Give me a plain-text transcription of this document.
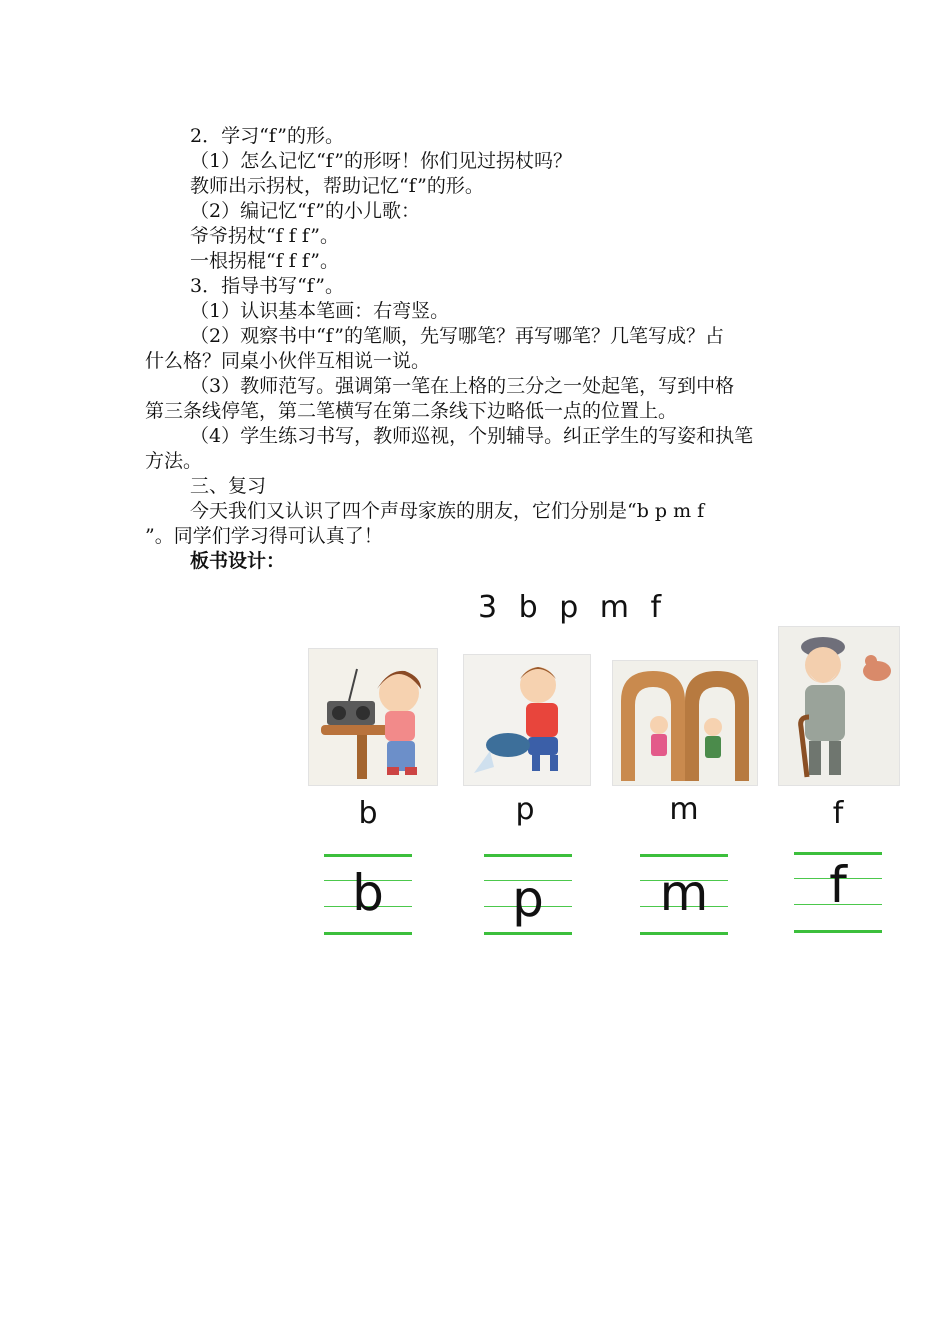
2．学习“f”的形。
（1）怎么记忆“f”的形呀！你们见过拐杖吗？
教师出示拐杖，帮助记忆“f”的形。
（2）编记忆“f”的小儿歌：
爷爷拐杖“f f f”。
一根拐棍“f f f”。
3．指导书写“f”。
（1）认识基本笔画：右弯竖。
（2）观察书中“f”的笔顺，先写哪笔？再写哪笔？几笔写成？占
什么格？同桌小伙伴互相说一说。
（3）教师范写。强调第一笔在上格的三分之一处起笔，写到中格
第三条线停笔，第二笔横写在第二条线下边略低一点的位置上。
（4）学生练习书写，教师巡视，个别辅导。纠正学生的写姿和执笔
方法。
三、复习
今天我们又认识了四个声母家族的朋友，它们分别是“b p m f
”。同学们学习得可认真了！
板书设计：
3 b p m f
b	p	m	f
b	p	m	f
